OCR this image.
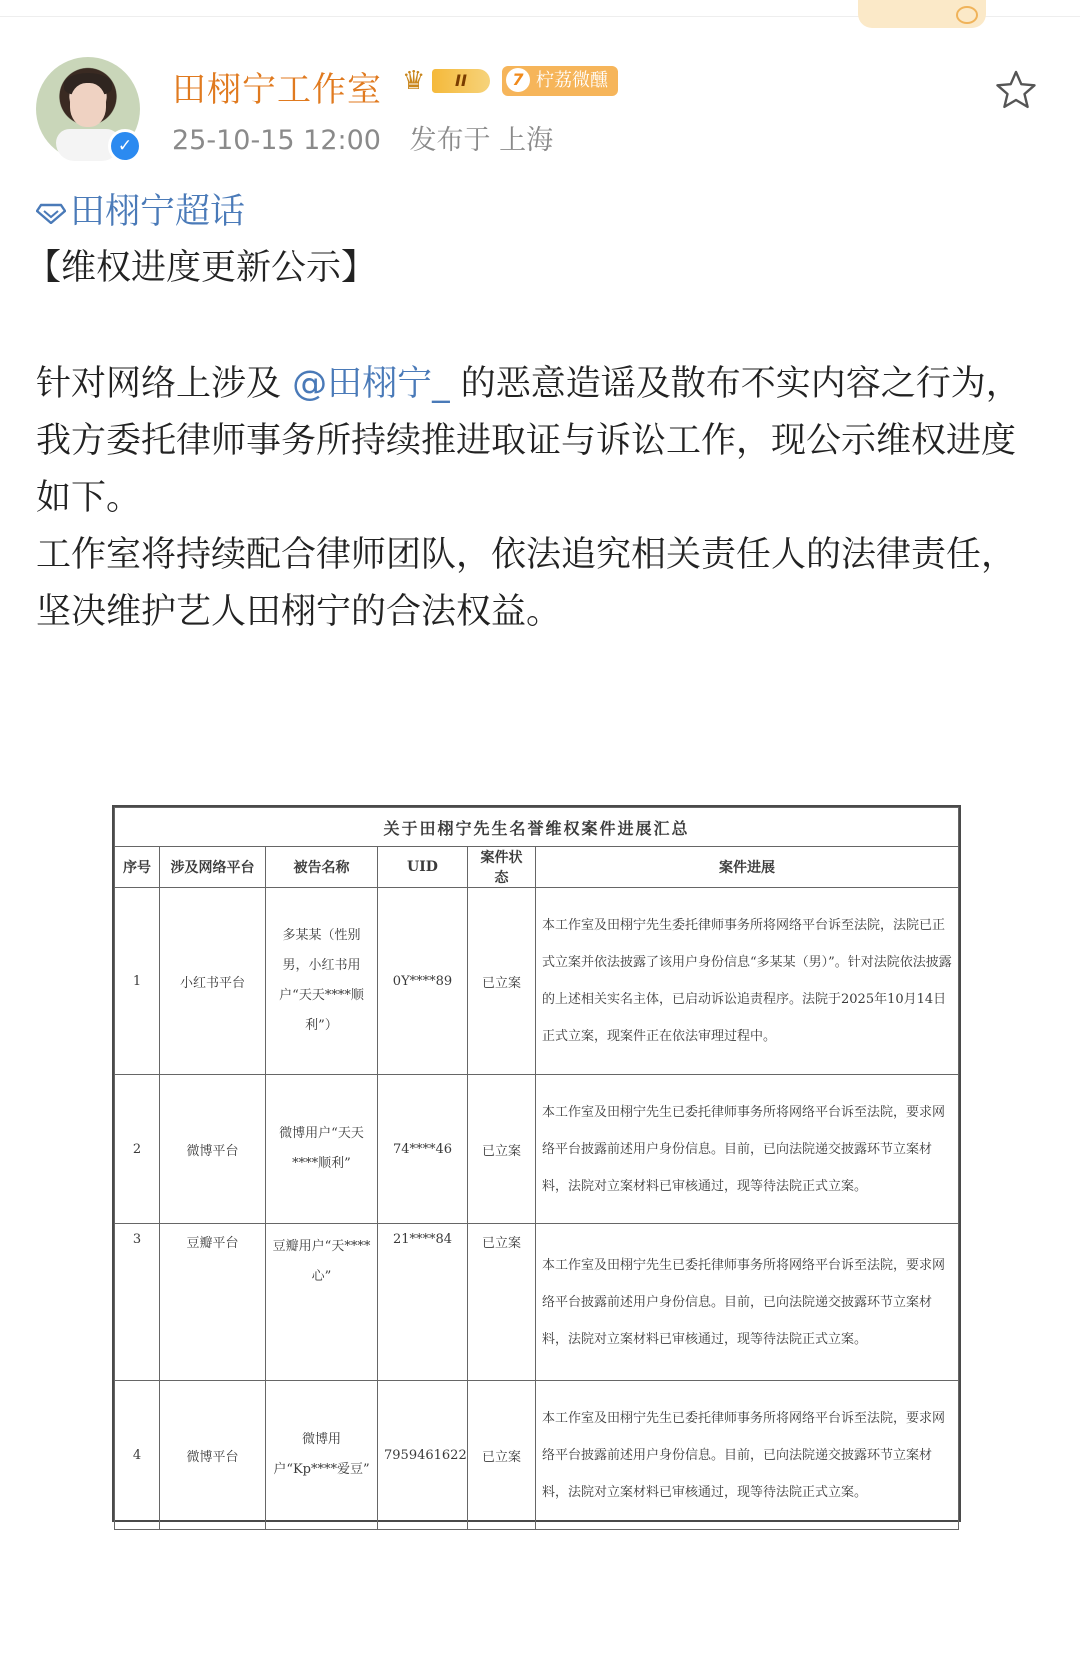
✓
田栩宁工作室 ♛	II	7 柠荔微醺
25-10-15 12:00 发布于 上海
田栩宁超话
【维权进度更新公示】
针对网络上涉及 @田栩宁_ 的恶意造谣及散布不实内容之行为，我方委托律师事务所持续推进取证与诉讼工作，现公示维权进度如下。
工作室将持续配合律师团队，依法追究相关责任人的法律责任，坚决维护艺人田栩宁的合法权益。
关于田栩宁先生名誉维权案件进展汇总					
序号	涉及网络平台	被告名称	UID	案件状态	案件进展
1	小红书平台	多某某（性别男，小红书用户“天天****顺利”）	0Y****89	已立案	本工作室及田栩宁先生委托律师事务所将网络平台诉至法院，法院已正式立案并依法披露了该用户身份信息“多某某（男）”。针对法院依法披露的上述相关实名主体，已启动诉讼追责程序。法院于2025年10月14日正式立案，现案件正在依法审理过程中。
2	微博平台	微博用户“天天****顺利”	74****46	已立案	本工作室及田栩宁先生已委托律师事务所将网络平台诉至法院，要求网络平台披露前述用户身份信息。目前，已向法院递交披露环节立案材料，法院对立案材料已审核通过，现等待法院正式立案。
3	豆瓣平台	豆瓣用户“天****心”	21****84	已立案	本工作室及田栩宁先生已委托律师事务所将网络平台诉至法院，要求网络平台披露前述用户身份信息。目前，已向法院递交披露环节立案材料，法院对立案材料已审核通过，现等待法院正式立案。
4	微博平台	微博用户“Kp****爱豆”	7959461622	已立案	本工作室及田栩宁先生已委托律师事务所将网络平台诉至法院，要求网络平台披露前述用户身份信息。目前，已向法院递交披露环节立案材料，法院对立案材料已审核通过，现等待法院正式立案。
